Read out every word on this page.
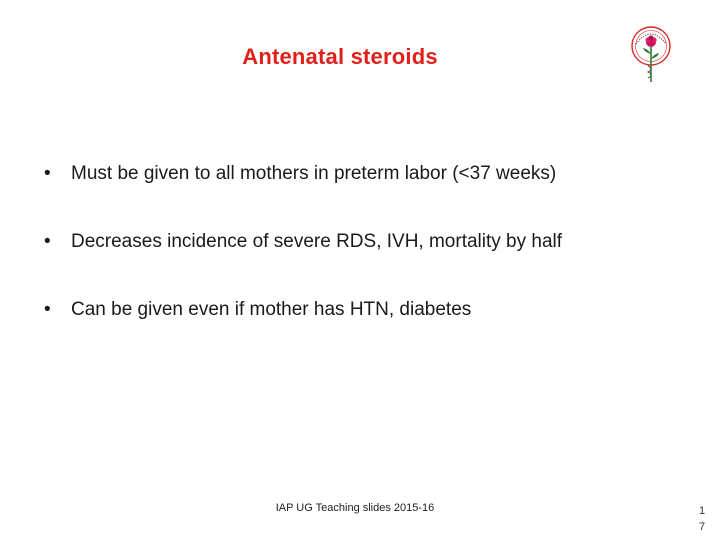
Antenatal steroids
• Must be given to all mothers in preterm labor (<37 weeks)
• Decreases incidence of severe RDS, IVH, mortality by half
• Can be given even if mother has HTN, diabetes
IAP UG Teaching slides 2015-16	1
7
